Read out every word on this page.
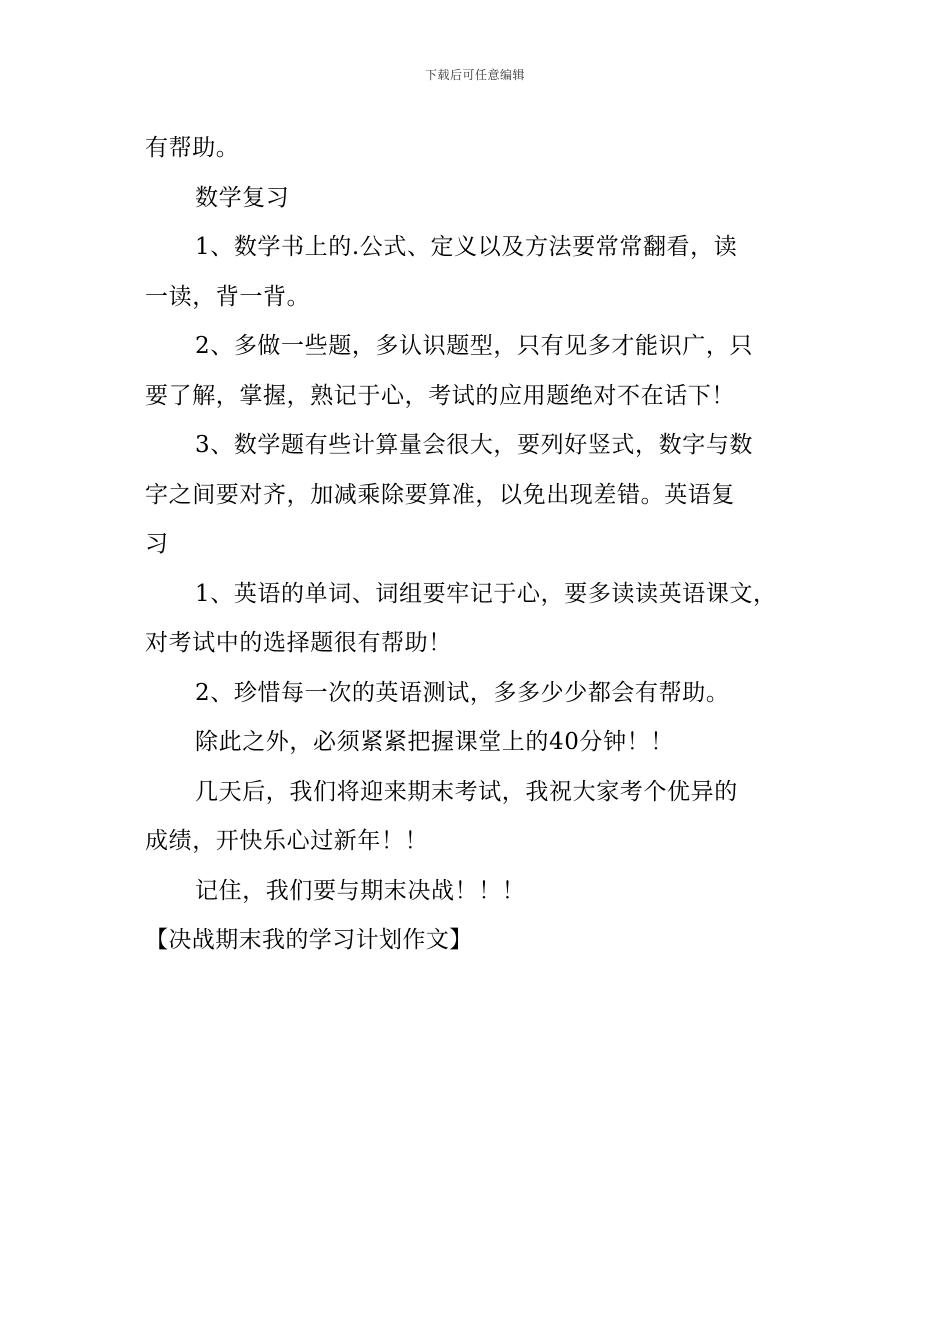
下载后可任意编辑
有帮助。
数学复习
1、数学书上的.公式、定义以及方法要常常翻看，读
一读，背一背。
2、多做一些题，多认识题型，只有见多才能识广，只
要了解，掌握，熟记于心，考试的应用题绝对不在话下！
3、数学题有些计算量会很大，要列好竖式，数字与数
字之间要对齐，加减乘除要算准，以免出现差错。英语复
习
1、英语的单词、词组要牢记于心，要多读读英语课文，
对考试中的选择题很有帮助！
2、珍惜每一次的英语测试，多多少少都会有帮助。
除此之外，必须紧紧把握课堂上的40分钟！！
几天后，我们将迎来期末考试，我祝大家考个优异的
成绩，开快乐心过新年！！
记住，我们要与期末决战！！！
【决战期末我的学习计划作文】
